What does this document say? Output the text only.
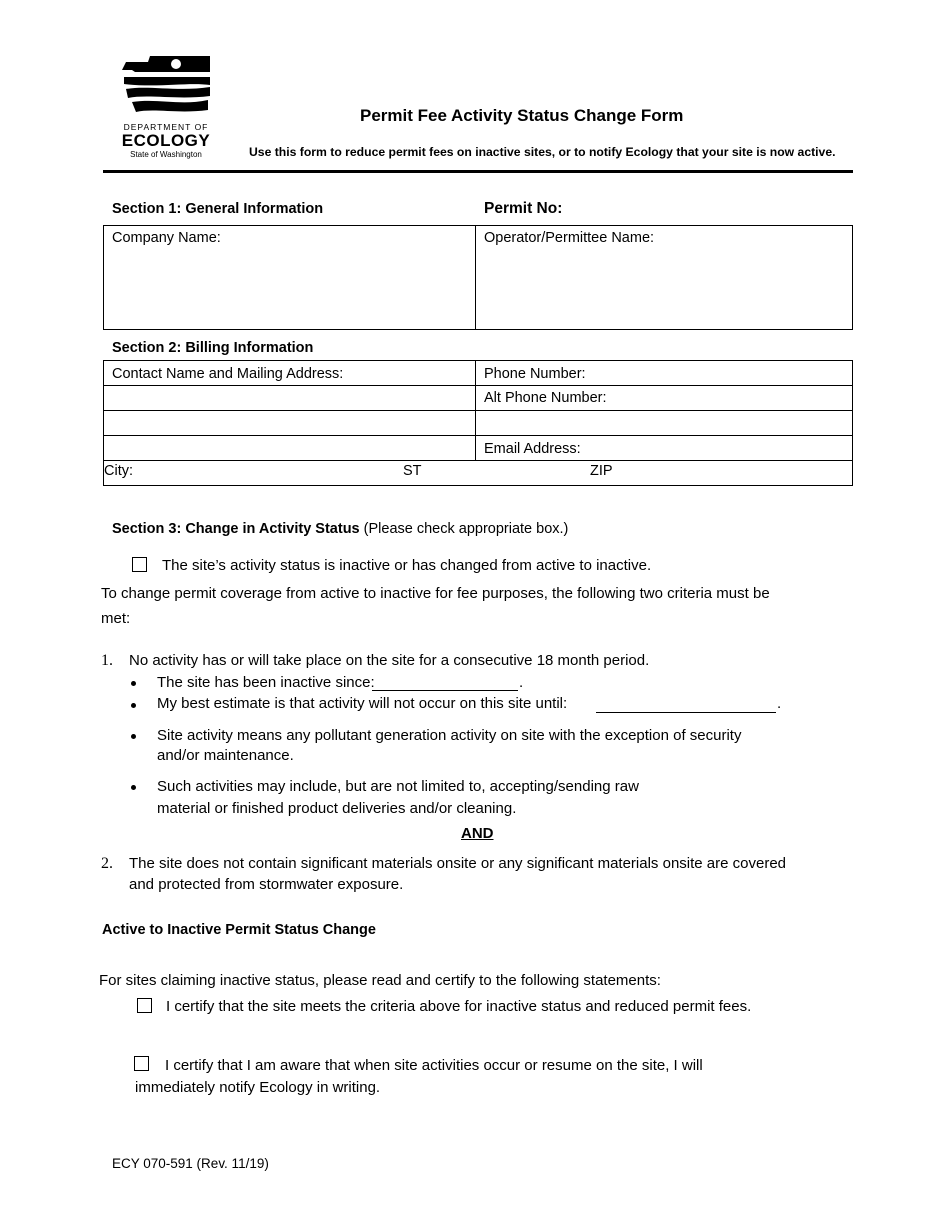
DEPARTMENT OF
ECOLOGY
State of Washington
Permit Fee Activity Status Change Form
Use this form to reduce permit fees on inactive sites, or to notify Ecology that your site is now active.
Section 1: General Information	Permit No:
Company Name:	Operator/Permittee Name:
Section 2: Billing Information
Contact Name and Mailing Address:	Phone Number:
Alt Phone Number:
Email Address:
City:	ST	ZIP
Section 3: Change in Activity Status (Please check appropriate box.)
The site’s activity status is inactive or has changed from active to inactive.
To change permit coverage from active to inactive for fee purposes, the following two criteria must be
met:
1. No activity has or will take place on the site for a consecutive 18 month period.
The site has been inactive since:	.
My best estimate is that activity will not occur on this site until:	.
Site activity means any pollutant generation activity on site with the exception of security
and/or maintenance.
Such activities may include, but are not limited to, accepting/sending raw
material or finished product deliveries and/or cleaning.
AND
2. The site does not contain significant materials onsite or any significant materials onsite are covered
and protected from stormwater exposure.
Active to Inactive Permit Status Change
For sites claiming inactive status, please read and certify to the following statements:
I certify that the site meets the criteria above for inactive status and reduced permit fees.
I certify that I am aware that when site activities occur or resume on the site, I will
immediately notify Ecology in writing.
ECY 070-591 (Rev. 11/19)
